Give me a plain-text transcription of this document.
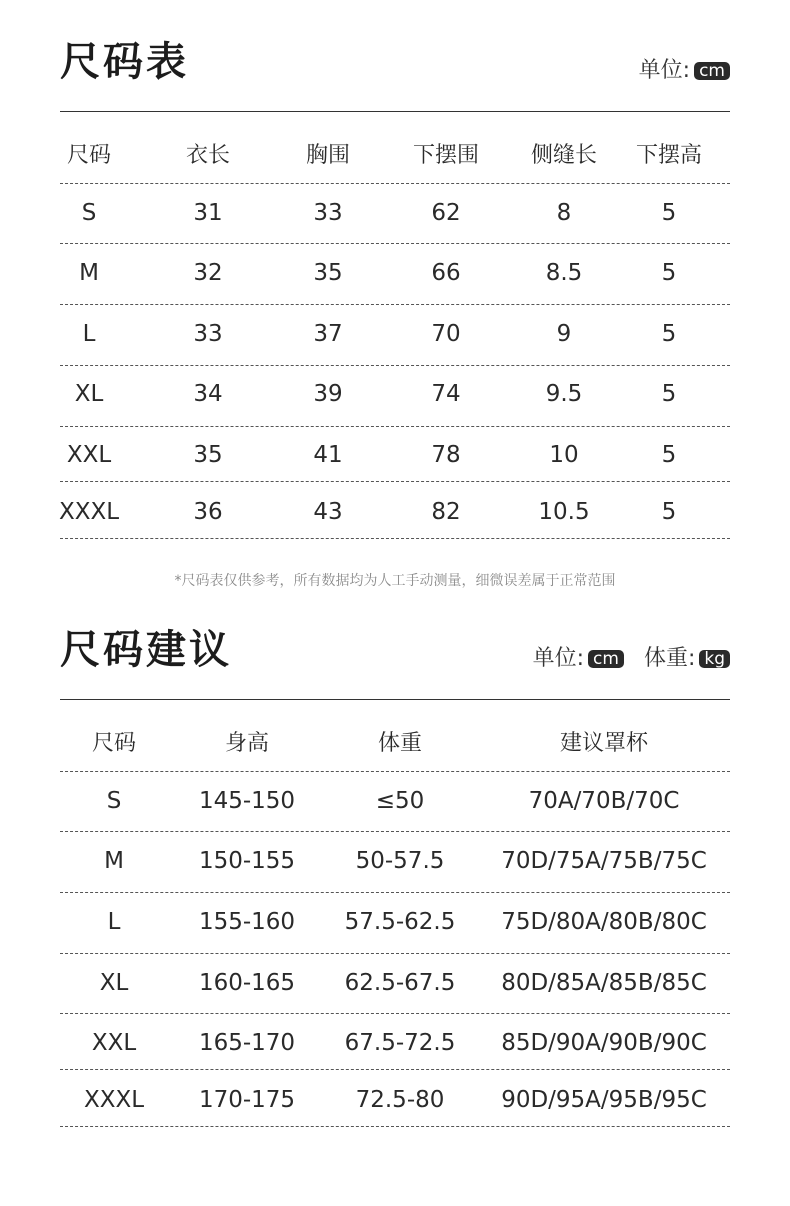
尺码表	单位: cm
尺码	衣长	胸围	下摆围	侧缝长	下摆高
S	31	33	62	8	5
M	32	35	66	8.5	5
L	33	37	70	9	5
XL	34	39	74	9.5	5
XXL	35	41	78	10	5
XXXL	36	43	82	10.5	5
*尺码表仅供参考，所有数据均为人工手动测量，细微误差属于正常范围
尺码建议	单位: cm 体重: kg
尺码	身高	体重	建议罩杯
S	145-150	≤50	70A/70B/70C
M	150-155	50-57.5	70D/75A/75B/75C
L	155-160	57.5-62.5	75D/80A/80B/80C
XL	160-165	62.5-67.5	80D/85A/85B/85C
XXL	165-170	67.5-72.5	85D/90A/90B/90C
XXXL	170-175	72.5-80	90D/95A/95B/95C
